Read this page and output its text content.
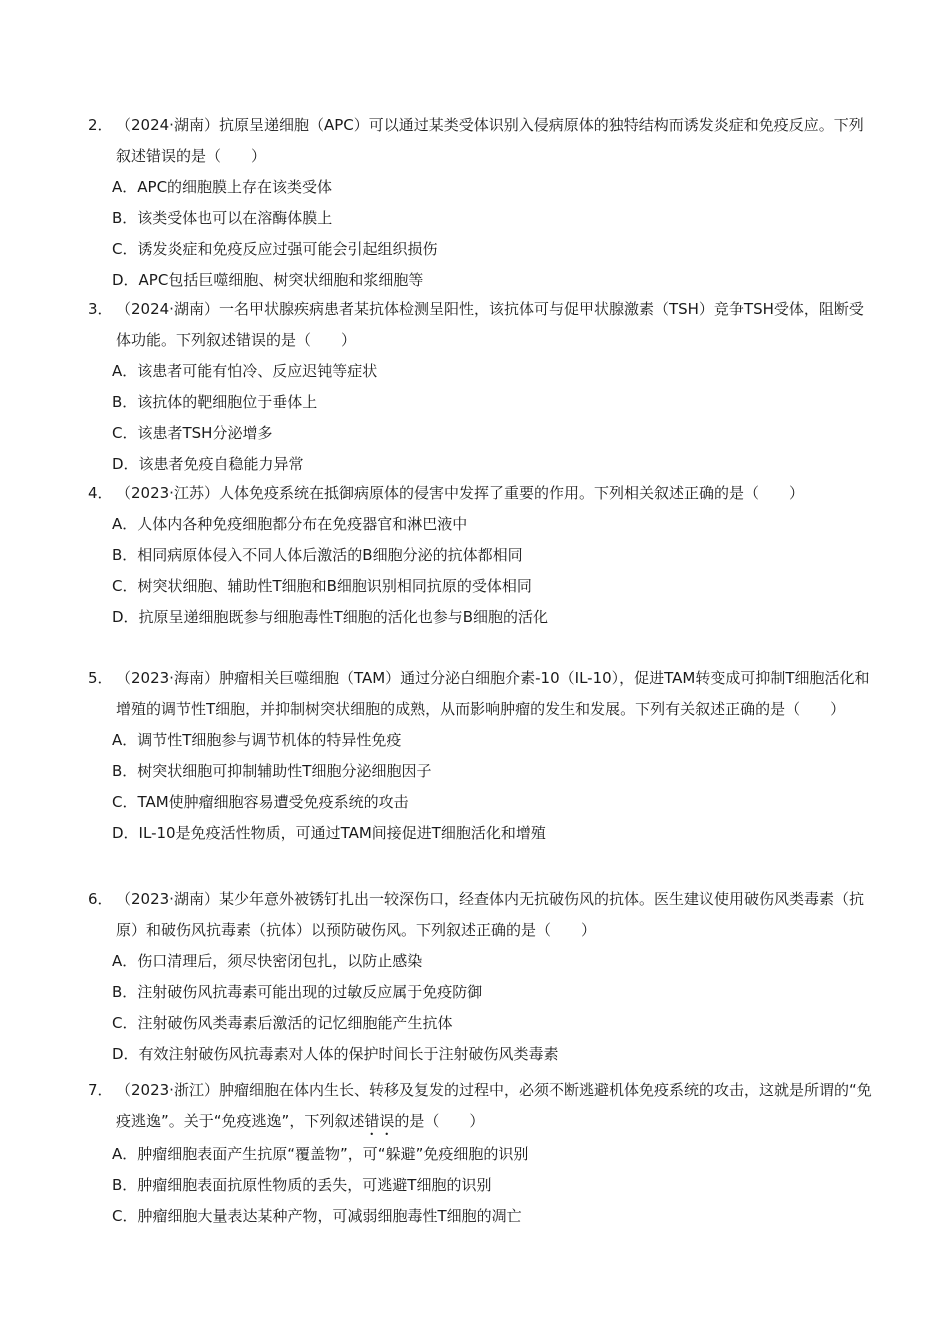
2． （2024·湖南）抗原呈递细胞（APC）可以通过某类受体识别入侵病原体的独特结构而诱发炎症和免疫反应。下列叙述错误的是（　　）
A．APC的细胞膜上存在该类受体
B．该类受体也可以在溶酶体膜上
C．诱发炎症和免疫反应过强可能会引起组织损伤
D．APC包括巨噬细胞、树突状细胞和浆细胞等
3． （2024·湖南）一名甲状腺疾病患者某抗体检测呈阳性，该抗体可与促甲状腺激素（TSH）竞争TSH受体，阻断受体功能。下列叙述错误的是（　　）
A．该患者可能有怕冷、反应迟钝等症状
B．该抗体的靶细胞位于垂体上
C．该患者TSH分泌增多
D．该患者免疫自稳能力异常
4． （2023·江苏）人体免疫系统在抵御病原体的侵害中发挥了重要的作用。下列相关叙述正确的是（　　）
A．人体内各种免疫细胞都分布在免疫器官和淋巴液中
B．相同病原体侵入不同人体后激活的B细胞分泌的抗体都相同
C．树突状细胞、辅助性T细胞和B细胞识别相同抗原的受体相同
D．抗原呈递细胞既参与细胞毒性T细胞的活化也参与B细胞的活化
5． （2023·海南）肿瘤相关巨噬细胞（TAM）通过分泌白细胞介素-10（IL-10），促进TAM转变成可抑制T细胞活化和增殖的调节性T细胞，并抑制树突状细胞的成熟，从而影响肿瘤的发生和发展。下列有关叙述正确的是（　　）
A．调节性T细胞参与调节机体的特异性免疫
B．树突状细胞可抑制辅助性T细胞分泌细胞因子
C．TAM使肿瘤细胞容易遭受免疫系统的攻击
D．IL-10是免疫活性物质，可通过TAM间接促进T细胞活化和增殖
6． （2023·湖南）某少年意外被锈钉扎出一较深伤口，经查体内无抗破伤风的抗体。医生建议使用破伤风类毒素（抗原）和破伤风抗毒素（抗体）以预防破伤风。下列叙述正确的是（　　）
A．伤口清理后，须尽快密闭包扎，以防止感染
B．注射破伤风抗毒素可能出现的过敏反应属于免疫防御
C．注射破伤风类毒素后激活的记忆细胞能产生抗体
D．有效注射破伤风抗毒素对人体的保护时间长于注射破伤风类毒素
7． （2023·浙江）肿瘤细胞在体内生长、转移及复发的过程中，必须不断逃避机体免疫系统的攻击，这就是所谓的“免疫逃逸”。关于“免疫逃逸”，下列叙述错误的是（　　）
A．肿瘤细胞表面产生抗原“覆盖物”，可“躲避”免疫细胞的识别
B．肿瘤细胞表面抗原性物质的丢失，可逃避T细胞的识别
C．肿瘤细胞大量表达某种产物，可减弱细胞毒性T细胞的凋亡
